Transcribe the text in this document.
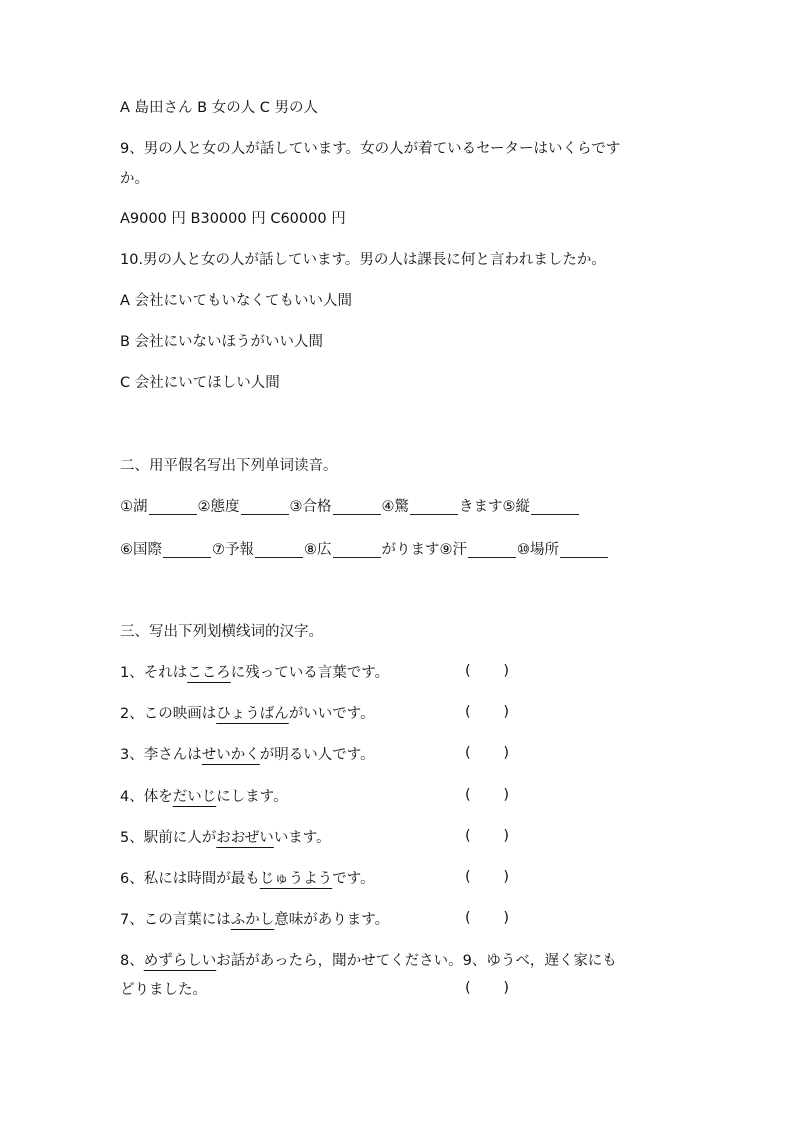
A 島田さん B 女の人 C 男の人
9、男の人と女の人が話しています。女の人が着ているセーターはいくらです
か。
A9000 円 B30000 円 C60000 円
10.男の人と女の人が話しています。男の人は課長に何と言われましたか。
A 会社にいてもいなくてもいい人間
B 会社にいないほうがいい人間
C 会社にいてほしい人間
二、用平假名写出下列单词读音。
①湖	②態度	③合格	④驚	きます⑤縦
⑥国際	⑦予報	⑧広	がります⑨汗	⑩場所
三、写出下列划横线词的汉字。
1、それはこころに残っている言葉です。	( )
2、この映画はひょうばんがいいです。	( )
3、李さんはせいかくが明るい人です。	( )
4、体をだいじにします。	( )
5、駅前に人がおおぜいいます。	( )
6、私には時間が最もじゅうようです。	( )
7、この言葉にはふかし意味があります。	( )
8、めずらしいお話があったら，聞かせてください。9、ゆうべ，遅く家にも
どりました。	( )
